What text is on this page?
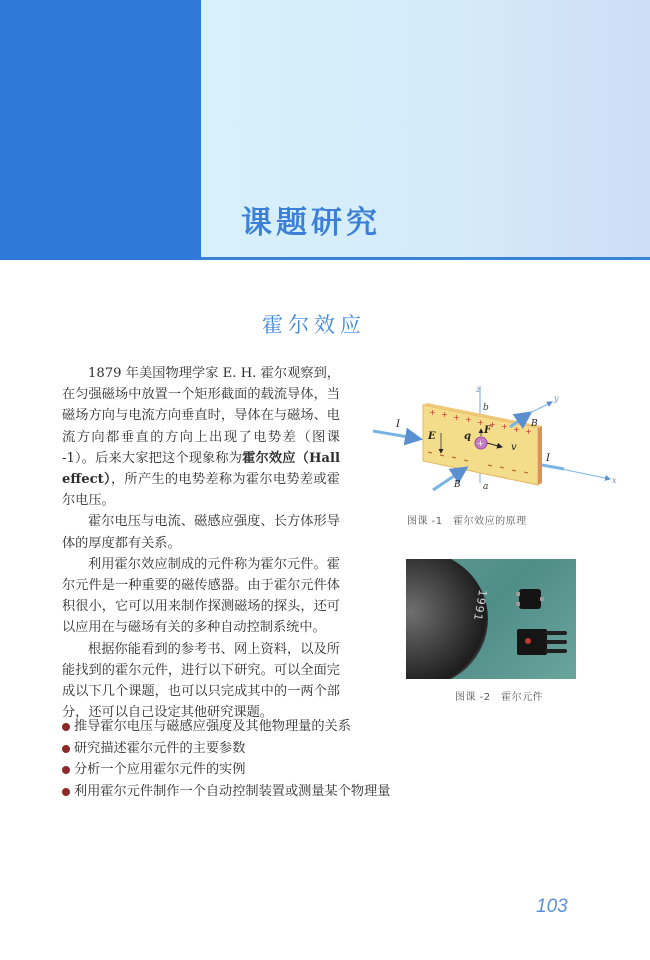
课题研究
霍尔效应

1879 年美国物理学家 E. H. 霍尔观察到，在匀强磁场中放置一个矩形截面的载流导体，当磁场方向与电流方向垂直时，导体在与磁场、电流方向都垂直的方向上出现了电势差（图课 -1）。后来大家把这个现象称为霍尔效应（Hall effect），所产生的电势差称为霍尔电势差或霍尔电压。

霍尔电压与电流、磁感应强度、长方体形导体的厚度都有关系。

利用霍尔效应制成的元件称为霍尔元件。霍尔元件是一种重要的磁传感器。由于霍尔元件体积很小，它可以用来制作探测磁场的探头，还可以应用在与磁场有关的多种自动控制系统中。

根据你能看到的参考书、网上资料，以及所能找到的霍尔元件，进行以下研究。可以全面完成以下几个课题，也可以只完成其中的一两个部分，还可以自己设定其他研究课题。

推导霍尔电压与磁感应强度及其他物理量的关系
研究描述霍尔元件的主要参数
分析一个应用霍尔元件的实例
利用霍尔元件制作一个自动控制装置或测量某个物理量
+ + + + + + + + +
E
+
q
F
v
b
a
z
I
I
x
y
B
B
图课 -1　霍尔效应的原理
1991
图课 -2　霍尔元件
103
